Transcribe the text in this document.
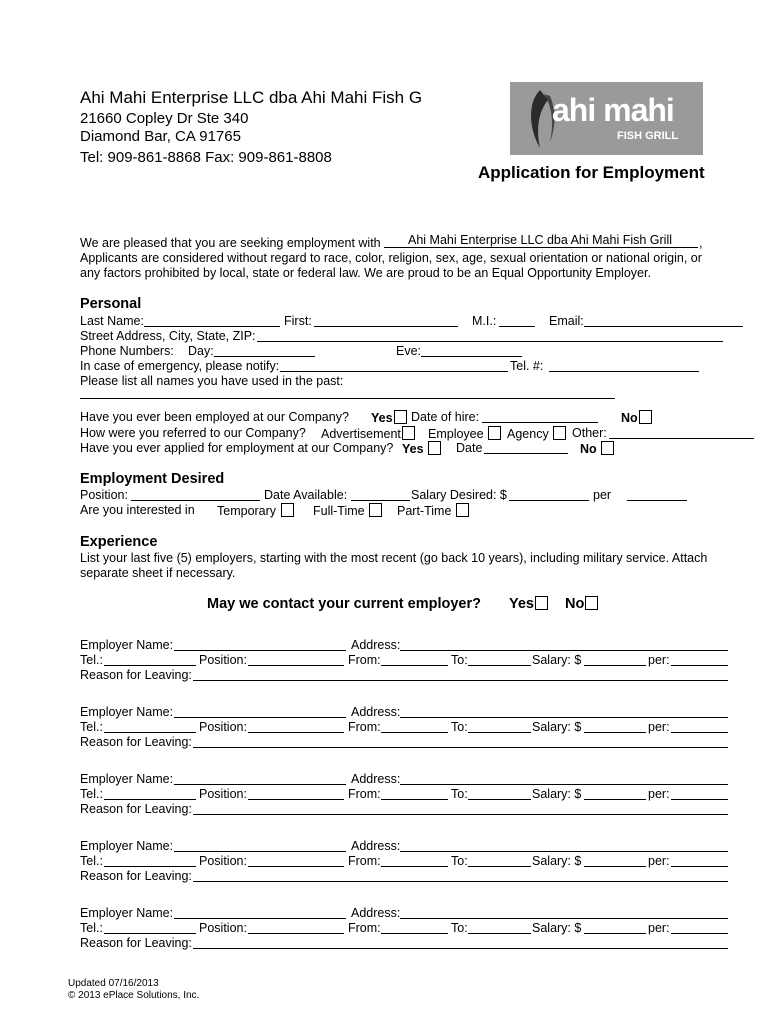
Ahi Mahi Enterprise LLC dba Ahi Mahi Fish G
21660 Copley Dr Ste 340
Diamond Bar, CA 91765
Tel: 909-861-8868 Fax: 909-861-8808
ahi mahi
FISH GRILL
Application for Employment
We are pleased that you are seeking employment with Ahi Mahi Enterprise LLC dba Ahi Mahi Fish Grill ,
Applicants are considered without regard to race, color, religion, sex, age, sexual orientation or national origin, or
any factors prohibited by local, state or federal law. We are proud to be an Equal Opportunity Employer.
Personal
Last Name:	First:	M.I.:	Email:
Street Address, City, State, ZIP:
Phone Numbers: Day:	Eve:
In case of emergency, please notify:	Tel. #:
Please list all names you have used in the past:
Have you ever been employed at our Company? Yes	Date of hire:	No
How were you referred to our Company? Advertisement	Employee	Agency	Other:
Have you ever applied for employment at our Company? Yes	Date	No
Employment Desired
Position:	Date Available:	Salary Desired: $	per
Are you interested in Temporary	Full-Time	Part-Time
Experience
List your last five (5) employers, starting with the most recent (go back 10 years), including military service. Attach
separate sheet if necessary.
May we contact your current employer? Yes	No
Employer Name:	Address:
Tel.:	Position:	From:	To:	Salary: $	per:
Reason for Leaving:
Employer Name:	Address:
Tel.:	Position:	From:	To:	Salary: $	per:
Reason for Leaving:
Employer Name:	Address:
Tel.:	Position:	From:	To:	Salary: $	per:
Reason for Leaving:
Employer Name:	Address:
Tel.:	Position:	From:	To:	Salary: $	per:
Reason for Leaving:
Employer Name:	Address:
Tel.:	Position:	From:	To:	Salary: $	per:
Reason for Leaving:
Updated 07/16/2013
© 2013 ePlace Solutions, Inc.
